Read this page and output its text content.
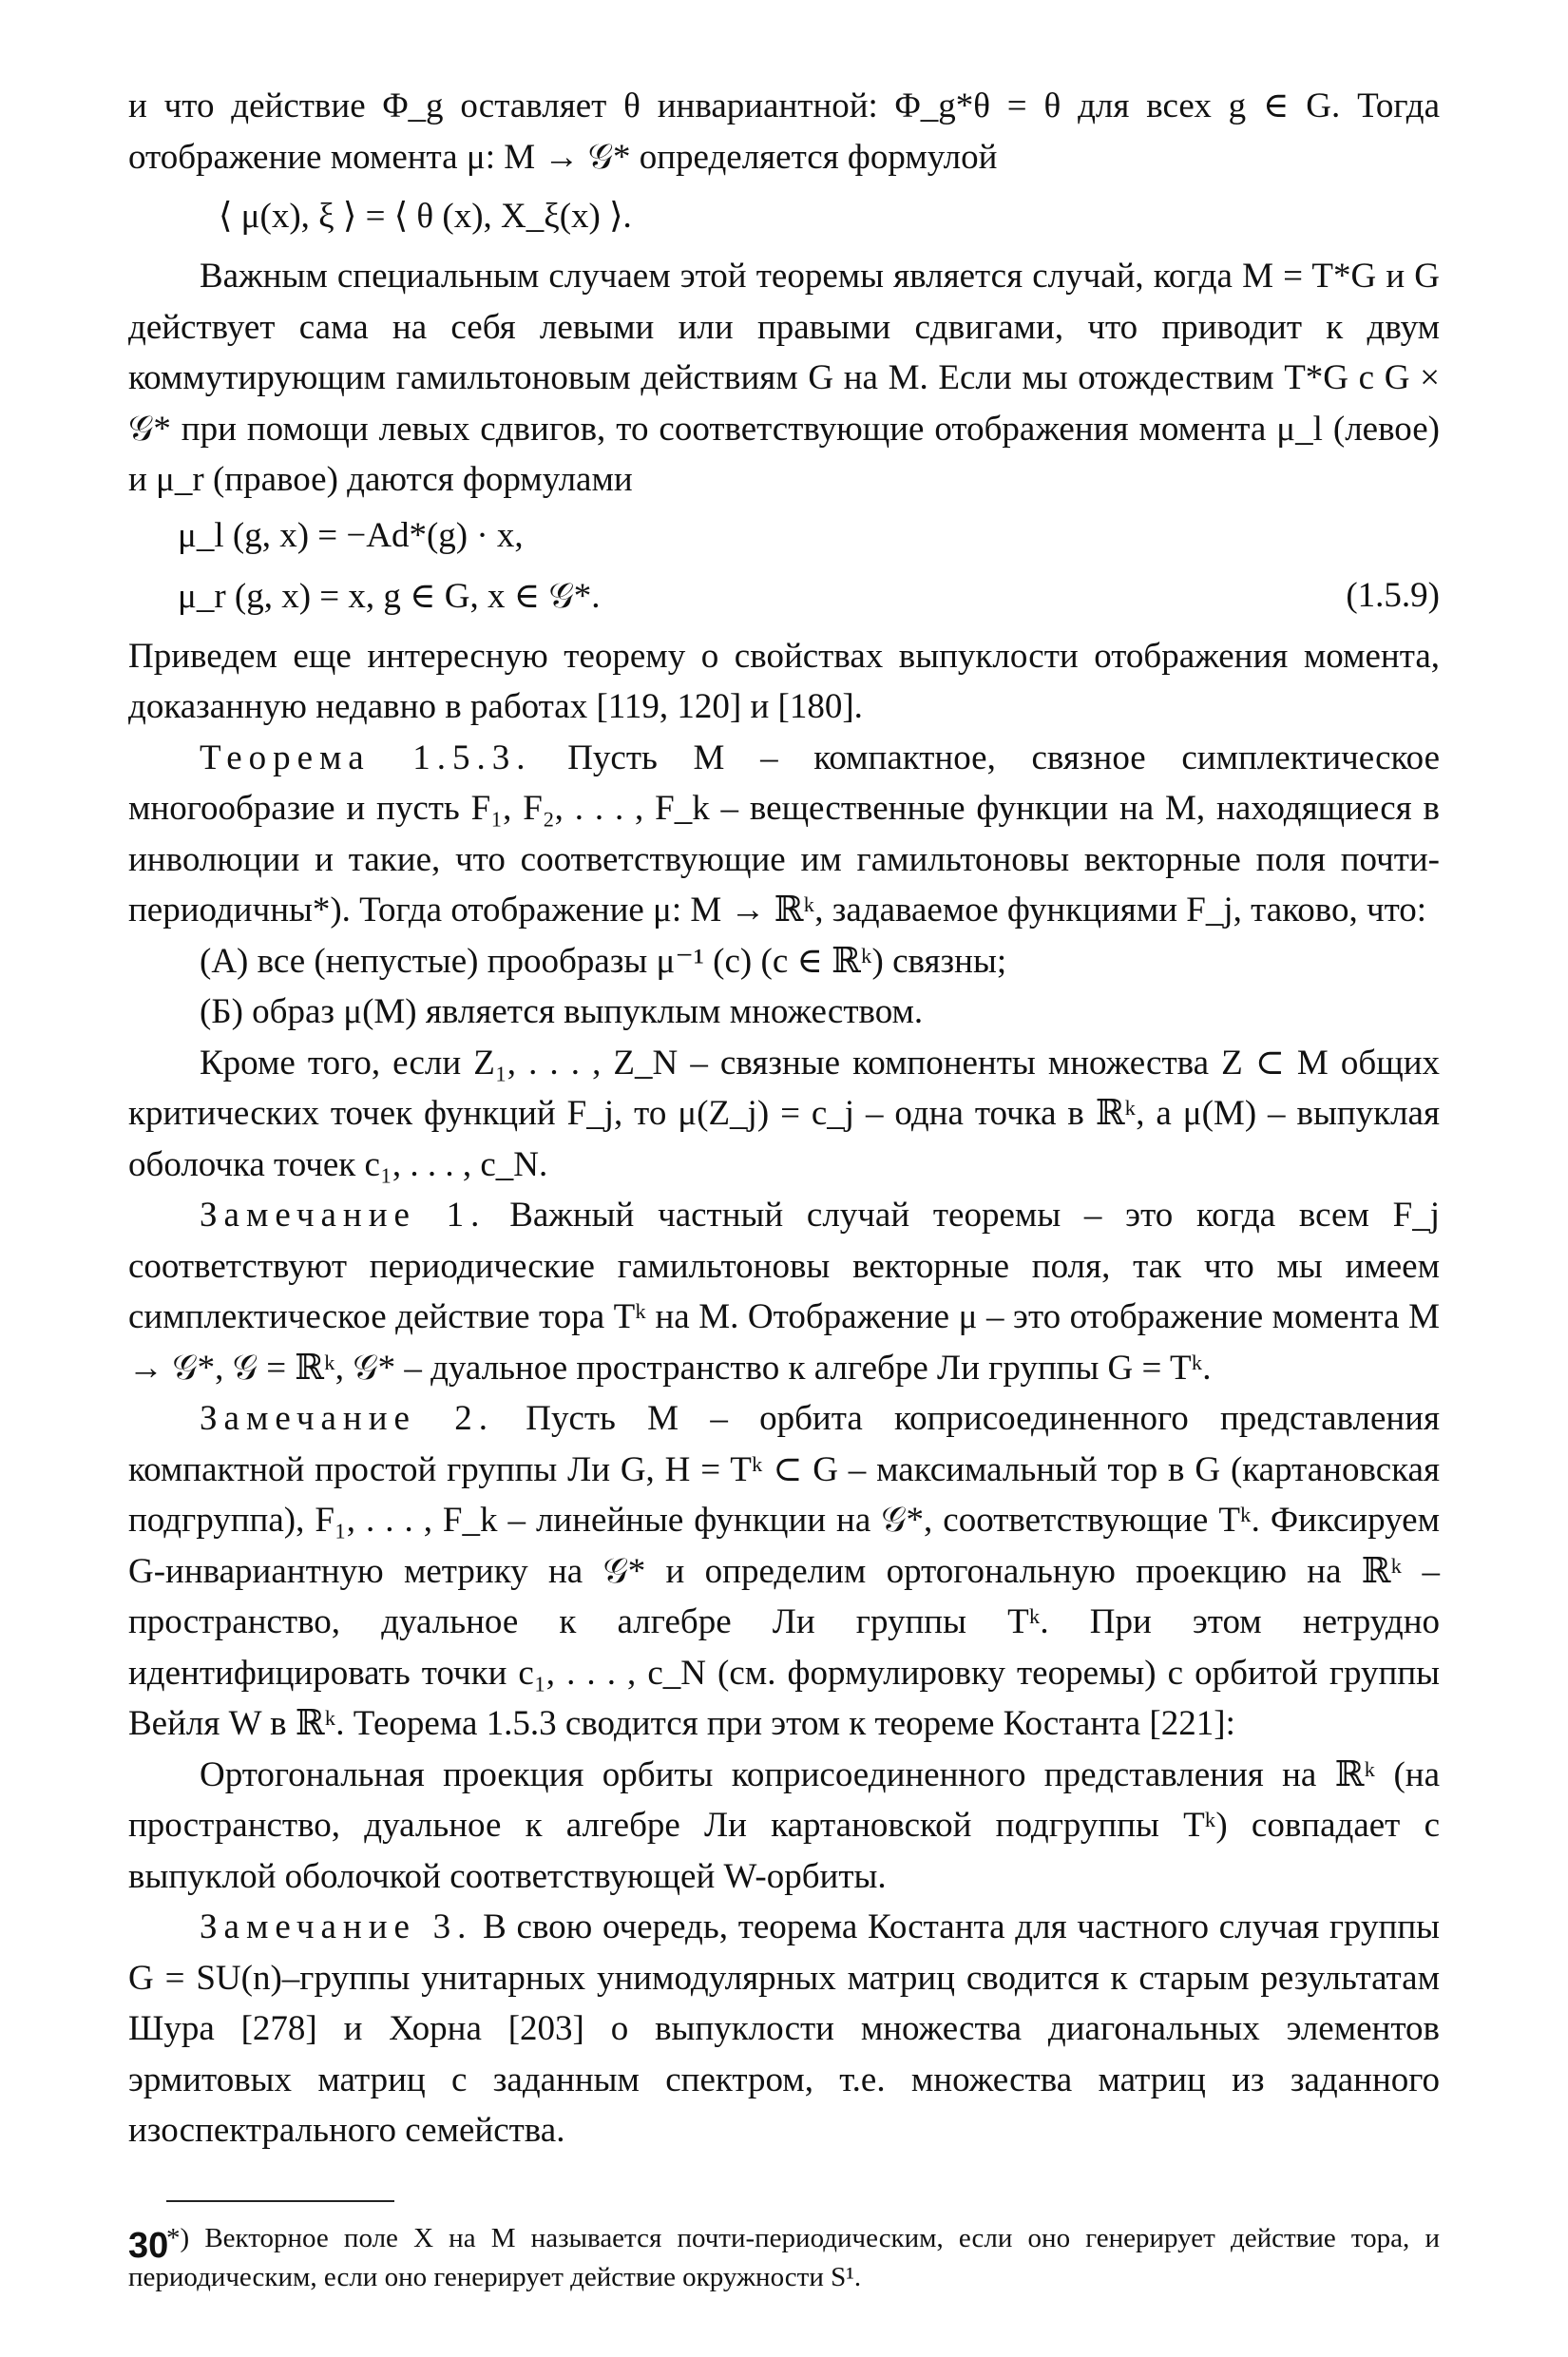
и что действие Φ_g оставляет θ инвариантной: Φ_g*θ = θ для всех g ∈ G. Тогда отображение момента μ: M → 𝒢* определяется формулой

⟨ μ(x), ξ ⟩ = ⟨ θ (x), X_ξ(x) ⟩.

Важным специальным случаем этой теоремы является случай, когда M = T*G и G действует сама на себя левыми или правыми сдвигами, что приводит к двум коммутирующим гамильтоновым действиям G на M. Если мы отождествим T*G с G × 𝒢* при помощи левых сдвигов, то соответствующие отображения момента μ_l (левое) и μ_r (правое) даются формулами

μ_l (g, x) = −Ad*(g) · x,
μ_r (g, x) = x, g ∈ G, x ∈ 𝒢*.	(1.5.9)

Приведем еще интересную теорему о свойствах выпуклости отображения момента, доказанную недавно в работах [119, 120] и [180].

Теорема 1.5.3. Пусть M – компактное, связное симплектическое многообразие и пусть F₁, F₂, . . . , F_k – вещественные функции на M, находящиеся в инволюции и такие, что соответствующие им гамильтоновы векторные поля почти-периодичны*). Тогда отображение μ: M → ℝᵏ, задаваемое функциями F_j, таково, что:

(A) все (непустые) прообразы μ⁻¹ (c) (c ∈ ℝᵏ) связны;

(Б) образ μ(M) является выпуклым множеством.

Кроме того, если Z₁, . . . , Z_N – связные компоненты множества Z ⊂ M общих критических точек функций F_j, то μ(Z_j) = c_j – одна точка в ℝᵏ, а μ(M) – выпуклая оболочка точек c₁, . . . , c_N.

Замечание 1. Важный частный случай теоремы – это когда всем F_j соответствуют периодические гамильтоновы векторные поля, так что мы имеем симплектическое действие тора Tᵏ на M. Отображение μ – это отображение момента M → 𝒢*, 𝒢 = ℝᵏ, 𝒢* – дуальное пространство к алгебре Ли группы G = Tᵏ.

Замечание 2. Пусть M – орбита коприсоединенного представления компактной простой группы Ли G, H = Tᵏ ⊂ G – максимальный тор в G (картановская подгруппа), F₁, . . . , F_k – линейные функции на 𝒢*, соответствующие Tᵏ. Фиксируем G-инвариантную метрику на 𝒢* и определим ортогональную проекцию на ℝᵏ – пространство, дуальное к алгебре Ли группы Tᵏ. При этом нетрудно идентифицировать точки c₁, . . . , c_N (см. формулировку теоремы) с орбитой группы Вейля W в ℝᵏ. Теорема 1.5.3 сводится при этом к теореме Костанта [221]:

Ортогональная проекция орбиты коприсоединенного представления на ℝᵏ (на пространство, дуальное к алгебре Ли картановской подгруппы Tᵏ) совпадает с выпуклой оболочкой соответствующей W-орбиты.

Замечание 3. В свою очередь, теорема Костанта для частного случая группы G = SU(n)–группы унитарных унимодулярных матриц сводится к старым результатам Шура [278] и Хорна [203] о выпуклости множества диагональных элементов эрмитовых матриц с заданным спектром, т.е. множества матриц из заданного изоспектрального семейства.

*) Векторное поле X на M называется почти-периодическим, если оно генерирует действие тора, и периодическим, если оно генерирует действие окружности S¹.

30
